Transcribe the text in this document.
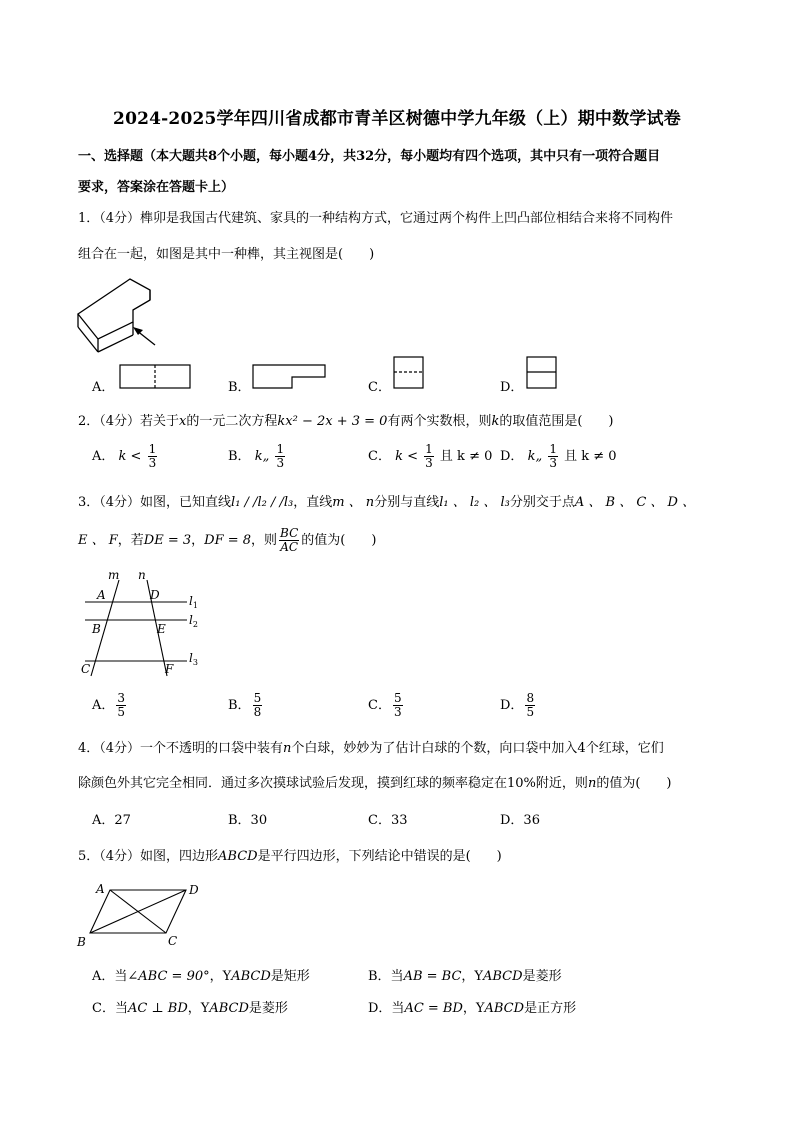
2024-2025学年四川省成都市青羊区树德中学九年级（上）期中数学试卷
一、选择题（本大题共8个小题，每小题4分，共32分，每小题均有四个选项，其中只有一项符合题目
要求，答案涂在答题卡上）
1．（4分）榫卯是我国古代建筑、家具的一种结构方式，它通过两个构件上凹凸部位相结合来将不同构件
组合在一起，如图是其中一种榫，其主视图是(　　)
A．	B．	C．	D．
2．（4分）若关于x的一元二次方程kx² − 2x + 3 = 0有两个实数根，则k的取值范围是(　　)
A． $k < \frac{1}{3}$	B． k„ $\frac{1}{3}$	C． $k < \frac{1}{3}$ 且 k ≠ 0 D． k„ $\frac{1}{3}$ 且 k ≠ 0
3．（4分）如图，已知直线l₁ / /l₂ / /l₃，直线m 、 n分别与直线l₁ 、 l₂ 、 l₃分别交于点A 、 B 、 C 、 D 、
E 、 F，若DE = 3，DF = 8，则 $\frac{BC}{AC}$ 的值为(　　)
m n
A	D
B	E
C	F
$l_1$
$l_2$
$l_3$
A． $\frac{3}{5}$	B． $\frac{5}{8}$	C． $\frac{5}{3}$	D． $\frac{8}{5}$
4．（4分）一个不透明的口袋中装有n个白球，妙妙为了估计白球的个数，向口袋中加入4个红球，它们
除颜色外其它完全相同．通过多次摸球试验后发现，摸到红球的频率稳定在10%附近，则n的值为(　　)
A．27	B．30	C．33	D．36
5．（4分）如图，四边形ABCD是平行四边形，下列结论中错误的是(　　)
A	D
B	C
A．当∠ABC = 90°，YABCD是矩形	B．当AB = BC，YABCD是菱形
C．当AC ⊥ BD，YABCD是菱形	D．当AC = BD，YABCD是正方形
